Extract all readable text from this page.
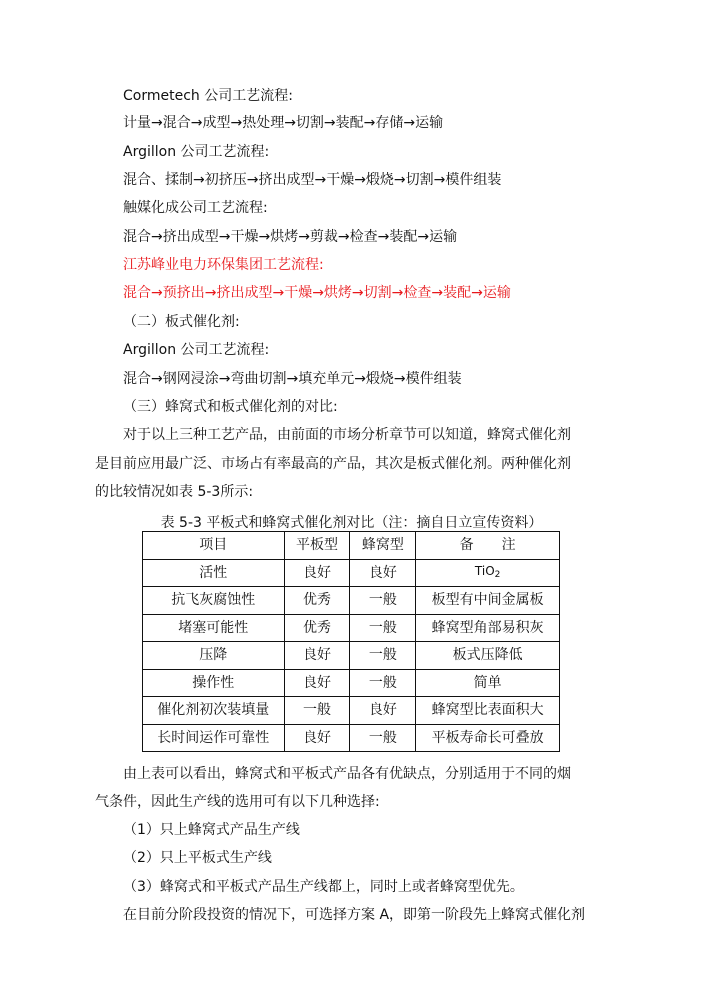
Cormetech 公司工艺流程:
计量→混合→成型→热处理→切割→装配→存储→运输
Argillon 公司工艺流程:
混合、揉制→初挤压→挤出成型→干燥→煅烧→切割→模件组装
触媒化成公司工艺流程:
混合→挤出成型→干燥→烘烤→剪裁→检查→装配→运输
江苏峰业电力环保集团工艺流程:
混合→预挤出→挤出成型→干燥→烘烤→切割→检查→装配→运输
（二）板式催化剂:
Argillon 公司工艺流程:
混合→钢网浸涂→弯曲切割→填充单元→煅烧→模件组装
（三）蜂窝式和板式催化剂的对比:
对于以上三种工艺产品，由前面的市场分析章节可以知道，蜂窝式催化剂
是目前应用最广泛、市场占有率最高的产品，其次是板式催化剂。两种催化剂
的比较情况如表 5-3所示:
表 5-3 平板式和蜂窝式催化剂对比（注：摘自日立宣传资料）
项目	平板型	蜂窝型	备　　注
活性	良好	良好	TiO$_2$
抗飞灰腐蚀性	优秀	一般	板型有中间金属板
堵塞可能性	优秀	一般	蜂窝型角部易积灰
压降	良好	一般	板式压降低
操作性	良好	一般	简单
催化剂初次装填量	一般	良好	蜂窝型比表面积大
长时间运作可靠性	良好	一般	平板寿命长可叠放
由上表可以看出，蜂窝式和平板式产品各有优缺点，分别适用于不同的烟
气条件，因此生产线的选用可有以下几种选择:
（1）只上蜂窝式产品生产线
（2）只上平板式生产线
（3）蜂窝式和平板式产品生产线都上，同时上或者蜂窝型优先。
在目前分阶段投资的情况下，可选择方案 A，即第一阶段先上蜂窝式催化剂
